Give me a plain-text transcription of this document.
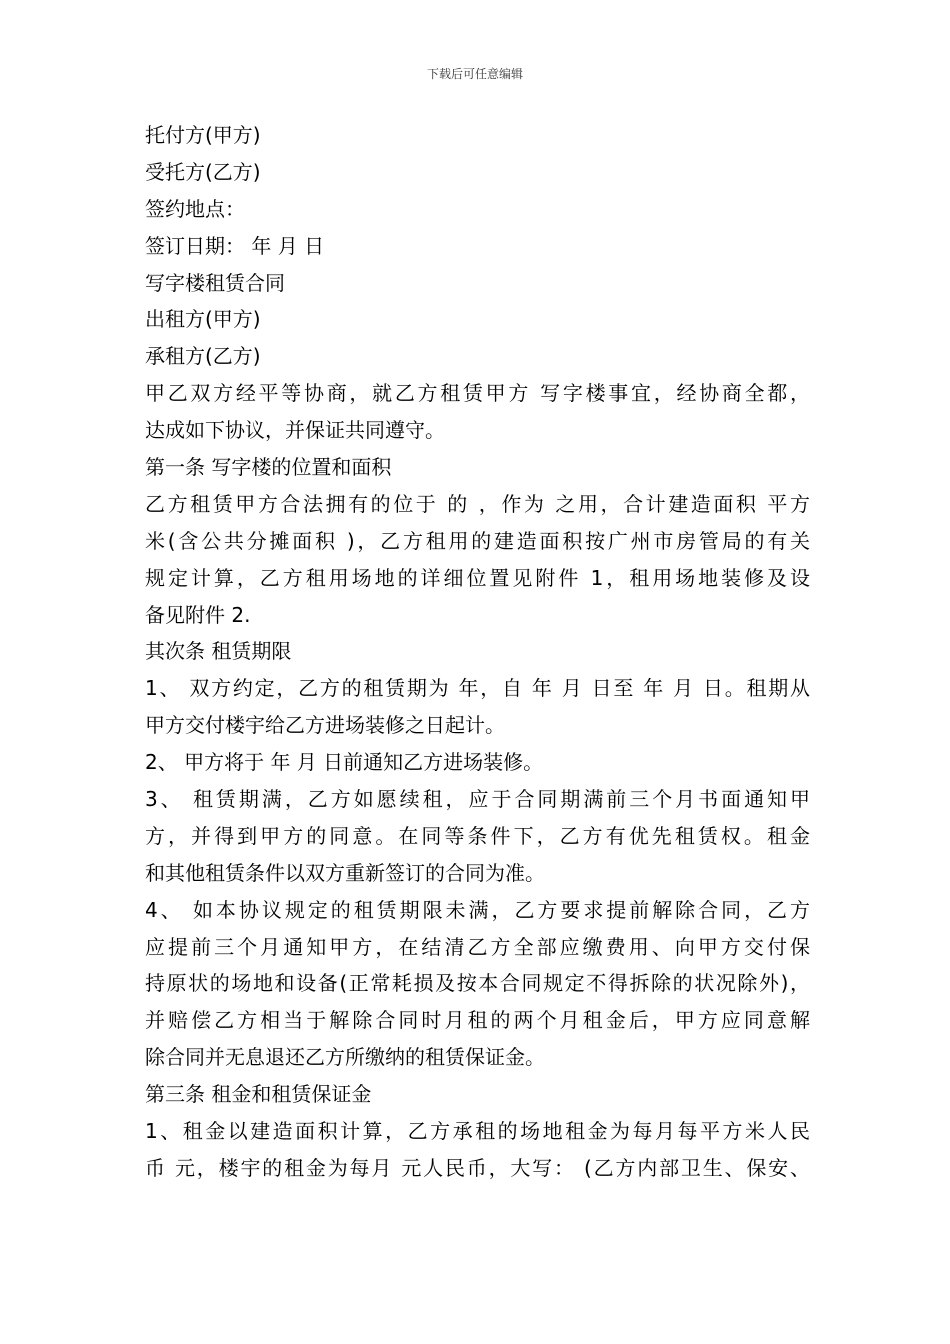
下载后可任意编辑
托付方(甲方)
受托方(乙方)
签约地点：
签订日期： 年 月 日
写字楼租赁合同
出租方(甲方)
承租方(乙方)
甲乙双方经平等协商，就乙方租赁甲方 写字楼事宜，经协商全都，
达成如下协议，并保证共同遵守。
第一条 写字楼的位置和面积
乙方租赁甲方合法拥有的位于 的 ，作为 之用，合计建造面积 平方
米(含公共分摊面积 )，乙方租用的建造面积按广州市房管局的有关
规定计算，乙方租用场地的详细位置见附件 1，租用场地装修及设
备见附件 2.
其次条 租赁期限
1、 双方约定，乙方的租赁期为 年，自 年 月 日至 年 月 日。租期从
甲方交付楼宇给乙方进场装修之日起计。
2、 甲方将于 年 月 日前通知乙方进场装修。
3、 租赁期满，乙方如愿续租，应于合同期满前三个月书面通知甲
方，并得到甲方的同意。在同等条件下，乙方有优先租赁权。租金
和其他租赁条件以双方重新签订的合同为准。
4、 如本协议规定的租赁期限未满，乙方要求提前解除合同，乙方
应提前三个月通知甲方，在结清乙方全部应缴费用、向甲方交付保
持原状的场地和设备(正常耗损及按本合同规定不得拆除的状况除外)，
并赔偿乙方相当于解除合同时月租的两个月租金后，甲方应同意解
除合同并无息退还乙方所缴纳的租赁保证金。
第三条 租金和租赁保证金
1、租金以建造面积计算，乙方承租的场地租金为每月每平方米人民
币 元，楼宇的租金为每月 元人民币，大写： (乙方内部卫生、保安、
